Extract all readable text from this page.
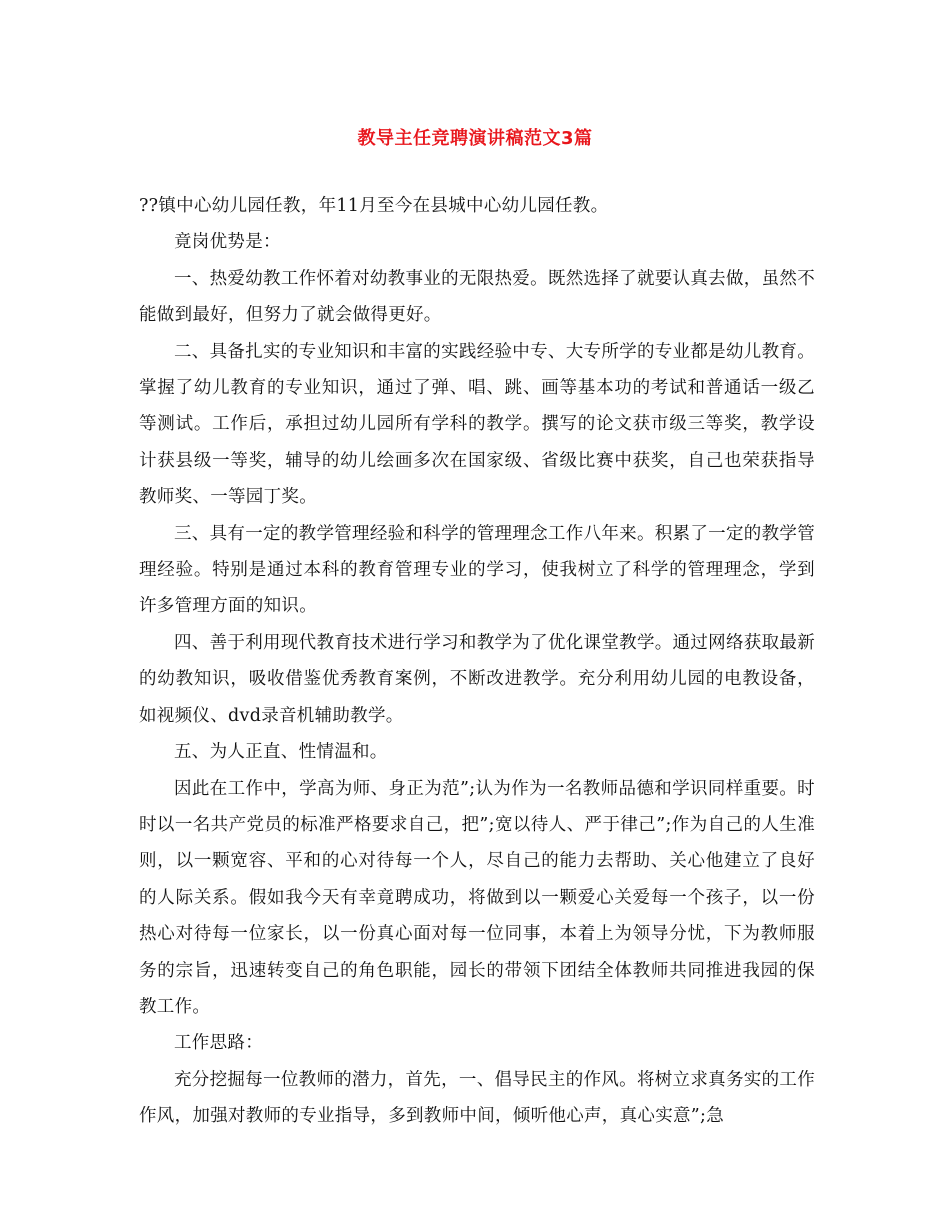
教导主任竞聘演讲稿范文3篇

??镇中心幼儿园任教，年11月至今在县城中心幼儿园任教。

竟岗优势是：

一、热爱幼教工作怀着对幼教事业的无限热爱。既然选择了就要认真去做，虽然不能做到最好，但努力了就会做得更好。

二、具备扎实的专业知识和丰富的实践经验中专、大专所学的专业都是幼儿教育。掌握了幼儿教育的专业知识，通过了弹、唱、跳、画等基本功的考试和普通话一级乙等测试。工作后，承担过幼儿园所有学科的教学。撰写的论文获市级三等奖，教学设计获县级一等奖，辅导的幼儿绘画多次在国家级、省级比赛中获奖，自己也荣获指导教师奖、一等园丁奖。

三、具有一定的教学管理经验和科学的管理理念工作八年来。积累了一定的教学管理经验。特别是通过本科的教育管理专业的学习，使我树立了科学的管理理念，学到许多管理方面的知识。

四、善于利用现代教育技术进行学习和教学为了优化课堂教学。通过网络获取最新的幼教知识，吸收借鉴优秀教育案例，不断改进教学。充分利用幼儿园的电教设备，如视频仪、dvd录音机辅助教学。

五、为人正直、性情温和。

因此在工作中，学高为师、身正为范”;认为作为一名教师品德和学识同样重要。时时以一名共产党员的标准严格要求自己，把”;宽以待人、严于律己”;作为自己的人生准则，以一颗宽容、平和的心对待每一个人，尽自己的能力去帮助、关心他建立了良好的人际关系。假如我今天有幸竟聘成功，将做到以一颗爱心关爱每一个孩子，以一份热心对待每一位家长，以一份真心面对每一位同事，本着上为领导分忧，下为教师服务的宗旨，迅速转变自己的角色职能，园长的带领下团结全体教师共同推进我园的保教工作。

工作思路：

充分挖掘每一位教师的潜力，首先，一、倡导民主的作风。将树立求真务实的工作作风，加强对教师的专业指导，多到教师中间，倾听他心声，真心实意”;急
